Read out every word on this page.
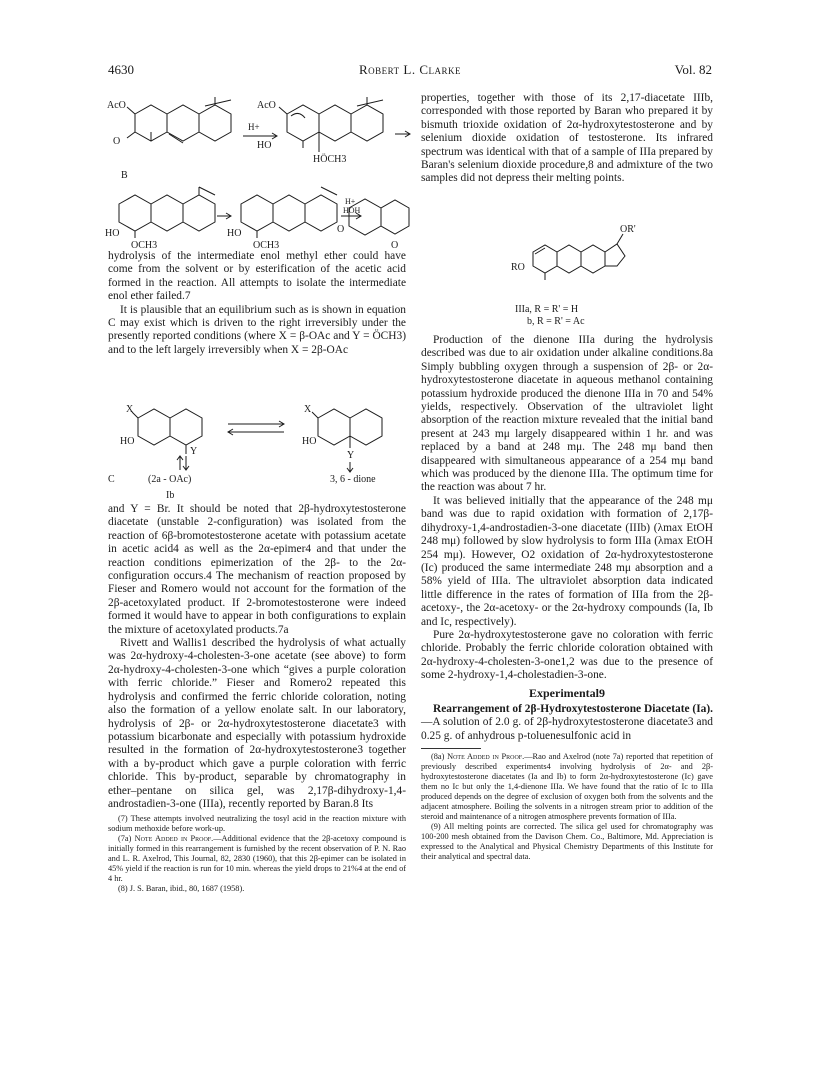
4630	Robert L. Clarke	Vol. 82
AcO
O
H+
AcO
HO
HÖCH3
B
HO
OCH3
HO
OCH3
H+
HOH
O
O

hydrolysis of the intermediate enol methyl ether could have come from the solvent or by esterification of the acetic acid formed in the reaction. All attempts to isolate the intermediate enol ether failed.7

It is plausible that an equilibrium such as is shown in equation C may exist which is driven to the right irreversibly under the presently reported conditions (where X = β-OAc and Y = ÖCH3) and to the left largely irreversibly when X = 2β-OAc

X
HO
Y
X
HO
Y
C	(2a - OAc)
Ib
3, 6 - dione

and Y = Br. It should be noted that 2β-hydroxytestosterone diacetate (unstable 2-configuration) was isolated from the reaction of 6β-bromotestosterone acetate with potassium acetate in acetic acid4 as well as the 2α-epimer4 and that under the reaction conditions epimerization of the 2β- to the 2α-configuration occurs.4 The mechanism of reaction proposed by Fieser and Romero would not account for the formation of the 2β-acetoxylated product. If 2-bromotestosterone were indeed formed it would have to appear in both configurations to explain the mixture of acetoxylated products.7a

Rivett and Wallis1 described the hydrolysis of what actually was 2α-hydroxy-4-cholesten-3-one acetate (see above) to form 2α-hydroxy-4-cholesten-3-one which “gives a purple coloration with ferric chloride.” Fieser and Romero2 repeated this hydrolysis and confirmed the ferric chloride coloration, noting also the formation of a yellow enolate salt. In our laboratory, hydrolysis of 2β- or 2α-hydroxytestosterone diacetate3 with potassium bicarbonate and especially with potassium hydroxide resulted in the formation of 2α-hydroxytestosterone3 together with a by-product which gave a purple coloration with ferric chloride. This by-product, separable by chromatography in ether–pentane on silica gel, was 2,17β-dihydroxy-1,4-androstadien-3-one (IIIa), recently reported by Baran.8 Its

(7) These attempts involved neutralizing the tosyl acid in the reaction mixture with sodium methoxide before work-up.

(7a) Note Added in Proof.—Additional evidence that the 2β-acetoxy compound is initially formed in this rearrangement is furnished by the recent observation of P. N. Rao and L. R. Axelrod, This Journal, 82, 2830 (1960), that this 2β-epimer can be isolated in 45% yield if the reaction is run for 10 min. whereas the yield drops to 21%4 at the end of 4 hr.

(8) J. S. Baran, ibid., 80, 1687 (1958).

properties, together with those of its 2,17-diacetate IIIb, corresponded with those reported by Baran who prepared it by bismuth trioxide oxidation of 2α-hydroxytestosterone and by selenium dioxide oxidation of testosterone. Its infrared spectrum was identical with that of a sample of IIIa prepared by Baran's selenium dioxide procedure,8 and admixture of the two samples did not depress their melting points.

OR'
RO
IIIa, R = R' = H
b, R = R' = Ac

Production of the dienone IIIa during the hydrolysis described was due to air oxidation under alkaline conditions.8a Simply bubbling oxygen through a suspension of 2β- or 2α-hydroxytestosterone diacetate in aqueous methanol containing potassium hydroxide produced the dienone IIIa in 70 and 54% yields, respectively. Observation of the ultraviolet light absorption of the reaction mixture revealed that the initial band present at 243 mμ largely disappeared within 1 hr. and was replaced by a band at 248 mμ. The 248 mμ band then disappeared with simultaneous appearance of a 254 mμ band which was produced by the dienone IIIa. The optimum time for the reaction was about 7 hr.

It was believed initially that the appearance of the 248 mμ band was due to rapid oxidation with formation of 2,17β-dihydroxy-1,4-androstadien-3-one diacetate (IIIb) (λmax EtOH 248 mμ) followed by slow hydrolysis to form IIIa (λmax EtOH 254 mμ). However, O2 oxidation of 2α-hydroxytestosterone (Ic) produced the same intermediate 248 mμ absorption and a 58% yield of IIIa. The ultraviolet absorption data indicated little difference in the rates of formation of IIIa from the 2β-acetoxy-, the 2α-acetoxy- or the 2α-hydroxy compounds (Ia, Ib and Ic, respectively).

Pure 2α-hydroxytestosterone gave no coloration with ferric chloride. Probably the ferric chloride coloration obtained with 2α-hydroxy-4-cholesten-3-one1,2 was due to the presence of some 2-hydroxy-1,4-cholestadien-3-one.

Experimental9

Rearrangement of 2β-Hydroxytestosterone Diacetate (Ia).—A solution of 2.0 g. of 2β-hydroxytestosterone diacetate3 and 0.25 g. of anhydrous p-toluenesulfonic acid in

(8a) Note Added in Proof.—Rao and Axelrod (note 7a) reported that repetition of previously described experiments4 involving hydrolysis of 2α- and 2β-hydroxytestosterone diacetates (Ia and Ib) to form 2α-hydroxytestosterone (Ic) gave them no Ic but only the 1,4-dienone IIIa. We have found that the ratio of Ic to IIIa produced depends on the degree of exclusion of oxygen both from the solvents and the adjacent atmosphere. Boiling the solvents in a nitrogen stream prior to addition of the steroid and maintenance of a nitrogen atmosphere prevents formation of IIIa.

(9) All melting points are corrected. The silica gel used for chromatography was 100-200 mesh obtained from the Davison Chem. Co., Baltimore, Md. Appreciation is expressed to the Analytical and Physical Chemistry Departments of this Institute for their analytical and spectral data.
